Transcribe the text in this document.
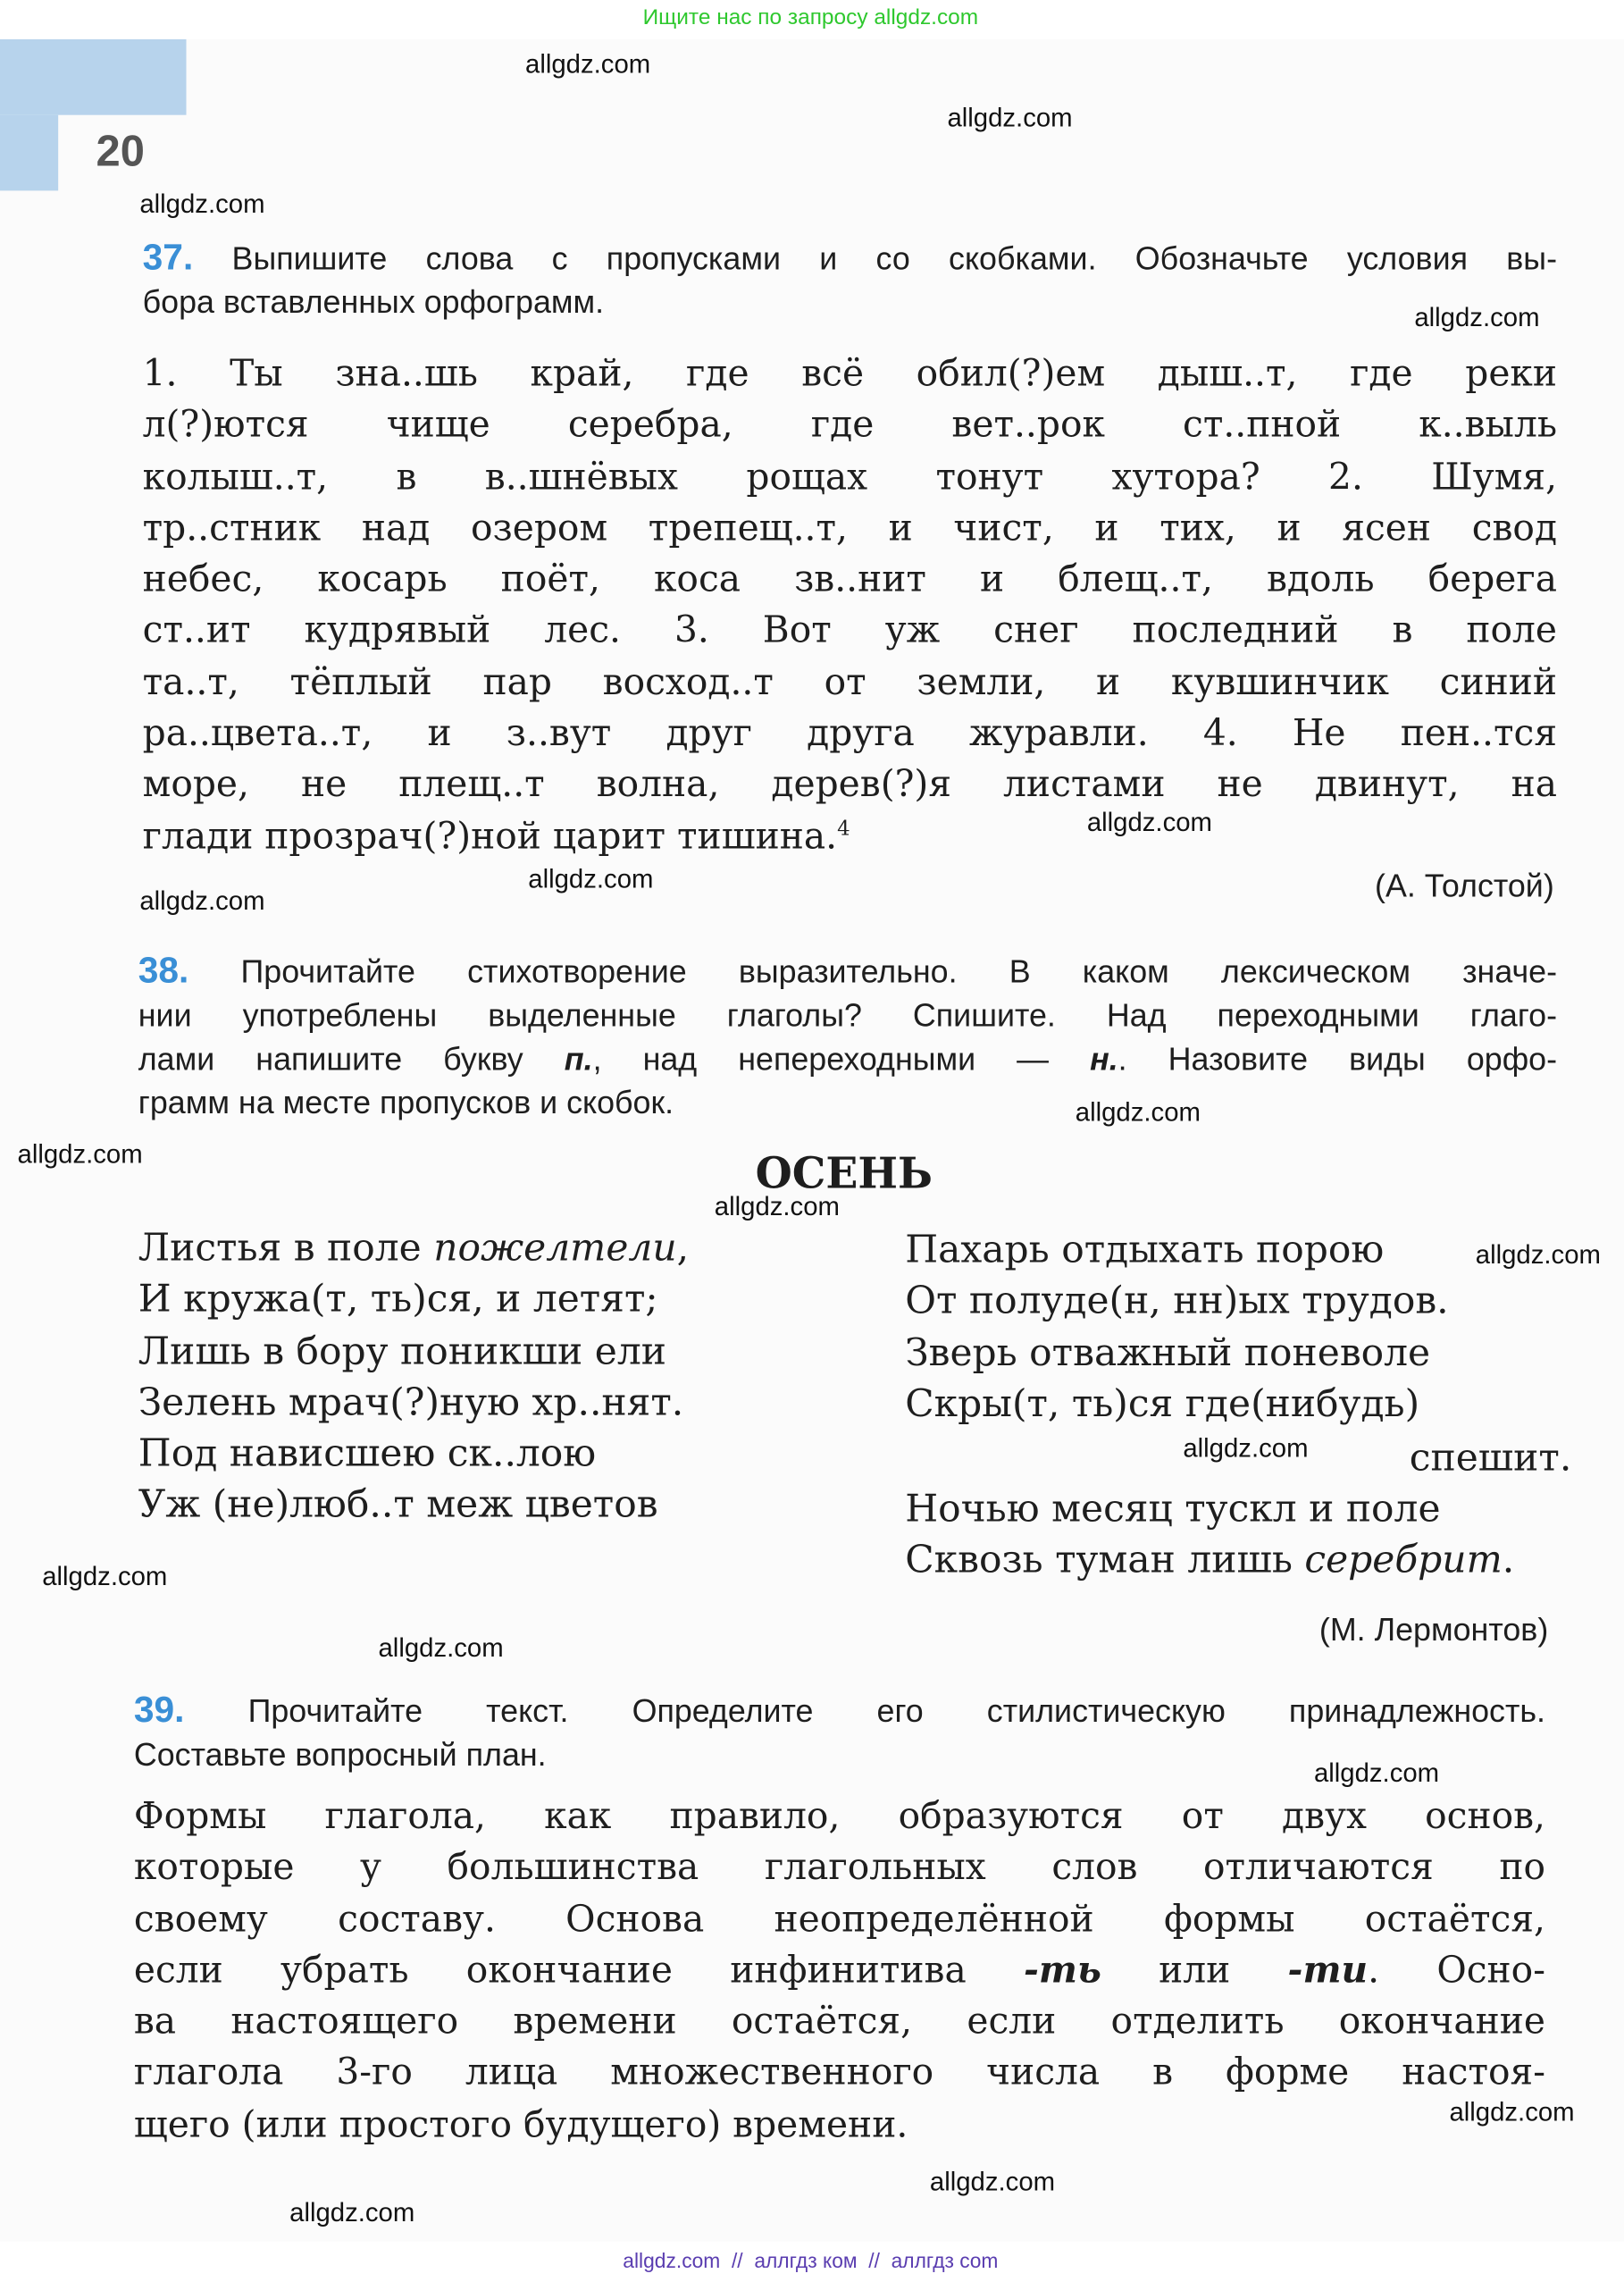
Ищите нас по запросу allgdz.com
20
37. Выпишите слова с пропусками и со скобками. Обозначьте условия вы-
бора вставленных орфограмм.
1. Ты зна..шь край, где всё обил(?)ем дыш..т, где реки
л(?)ются чище серебра, где вет..рок ст..пной к..выль
колыш..т, в в..шнёвых рощах тонут хутора? 2. Шумя,
тр..стник над озером трепещ..т, и чист, и тих, и ясен свод
небес, косарь поёт, коса зв..нит и блещ..т, вдоль берега
ст..ит кудрявый лес. 3. Вот уж снег последний в поле
та..т, тёплый пар восход..т от земли, и кувшинчик синий
ра..цвета..т, и з..вут друг друга журавли. 4. Не пен..тся
море, не плещ..т волна, дерев(?)я листами не двинут, на
глади прозрач(?)ной царит тишина.$^4$
(А. Толстой)
38.	Прочитайте стихотворение выразительно. В каком лексическом значе-
нии употреблены выделенные глаголы? Спишите. Над переходными глаго-
лами напишите букву п., над непереходными — н.. Назовите виды орфо-
грамм на месте пропусков и скобок.
ОСЕНЬ
Листья в поле пожелтели,
И кружа(т, ть)ся, и летят;
Лишь в бору поникши ели
Зелень мрач(?)ную хр..нят.
Под нависшею ск..лою
Уж (не)люб..т меж цветов
Пахарь отдыхать порою
От полуде(н, нн)ых трудов.
Зверь отважный поневоле
Скры(т, ть)ся где(нибудь)
спешит.
Ночью месяц тускл и поле
Сквозь туман лишь серебрит.
(М. Лермонтов)
39.	Прочитайте текст. Определите его стилистическую принадлежность.
Составьте вопросный план.
Формы глагола, как правило, образуются от двух основ,
которые у большинства глагольных слов отличаются по
своему составу. Основа неопределённой формы остаётся,
если убрать окончание инфинитива -ть или -ти. Осно-
ва настоящего времени остаётся, если отделить окончание
глагола 3-го лица множественного числа в форме настоя-
щего (или простого будущего) времени.
allgdz.com  //  аллгдз ком  //  аллгдз com
allgdz.com
allgdz.com
allgdz.com
allgdz.com
allgdz.com
allgdz.com
allgdz.com
allgdz.com
allgdz.com
allgdz.com
allgdz.com
allgdz.com
allgdz.com
allgdz.com
allgdz.com
allgdz.com
allgdz.com
allgdz.com
